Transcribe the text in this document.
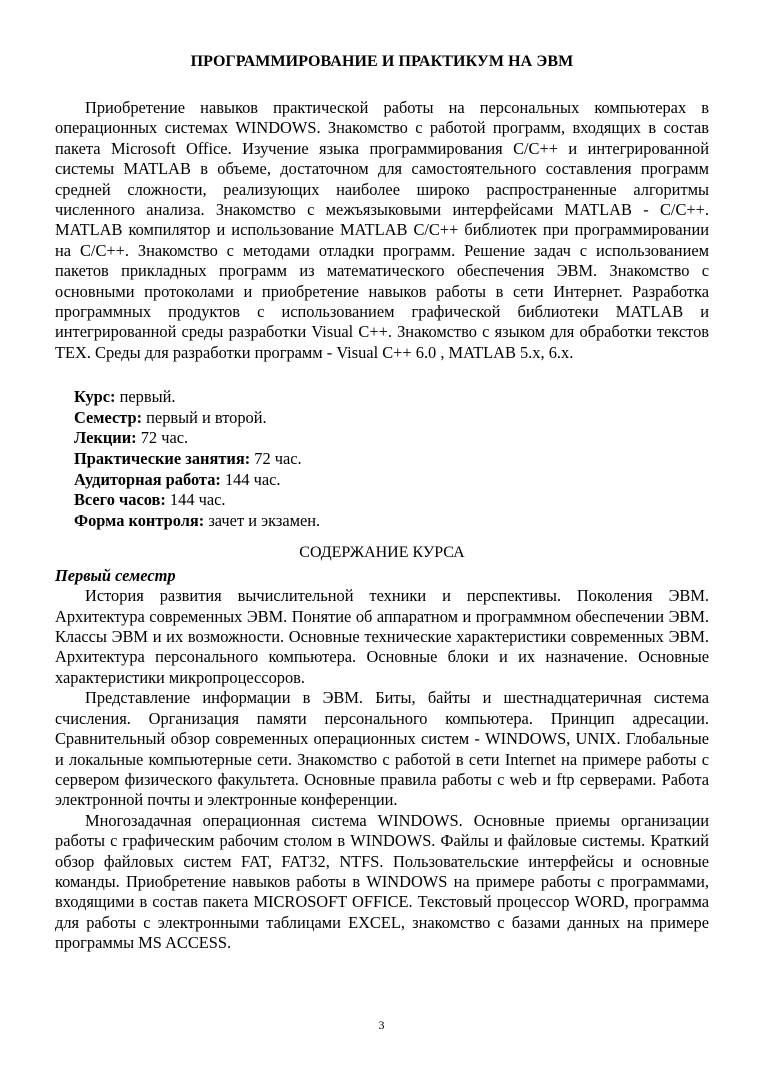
ПРОГРАММИРОВАНИЕ И ПРАКТИКУМ НА ЭВМ

Приобретение навыков практической работы на персональных компьютерах в операционных системах WINDOWS. Знакомство с работой программ, входящих в состав пакета Microsoft Office. Изучение языка программирования C/C++ и интегрированной системы MATLAB в объеме, достаточном для самостоятельного составления программ средней сложности, реализующих наиболее широко распространенные алгоритмы численного анализа. Знакомство с межъязыковыми интерфейсами MATLAB - C/C++. MATLAB компилятор и использование MATLAB C/C++ библиотек при программировании на C/C++. Знакомство с методами отладки программ. Решение задач с использованием пакетов прикладных программ из математического обеспечения ЭВМ. Знакомство с основными протоколами и приобретение навыков работы в сети Интернет. Разработка программных продуктов с использованием графической библиотеки MATLAB и интегрированной среды разработки Visual C++. Знакомство с языком для обработки текстов TEX. Среды для разработки программ - Visual C++ 6.0 , MATLAB 5.x, 6.x.

Курс: первый.
Семестр: первый и второй.
Лекции: 72 час.
Практические занятия: 72 час.
Аудиторная работа: 144 час.
Всего часов: 144 час.
Форма контроля: зачет и экзамен.
СОДЕРЖАНИЕ КУРСА
Первый семестр

История развития вычислительной техники и перспективы. Поколения ЭВМ. Архитектура современных ЭВМ. Понятие об аппаратном и программном обеспечении ЭВМ. Классы ЭВМ и их возможности. Основные технические характеристики современных ЭВМ. Архитектура персонального компьютера. Основные блоки и их назначение. Основные характеристики микропроцессоров.

Представление информации в ЭВМ. Биты, байты и шестнадцатеричная система счисления. Организация памяти персонального компьютера. Принцип адресации. Сравнительный обзор современных операционных систем - WINDOWS, UNIX. Глобальные и локальные компьютерные сети. Знакомство с работой в сети Internet на примере работы с сервером физического факультета. Основные правила работы с web и ftp серверами. Работа электронной почты и электронные конференции.

Многозадачная операционная система WINDOWS. Основные приемы организации работы с графическим рабочим столом в WINDOWS. Файлы и файловые системы. Краткий обзор файловых систем FAT, FAT32, NTFS. Пользовательские интерфейсы и основные команды. Приобретение навыков работы в WINDOWS на примере работы с программами, входящими в состав пакета MICROSOFT OFFICE. Текстовый процессор WORD, программа для работы с электронными таблицами EXCEL, знакомство с базами данных на примере программы MS ACCESS.

3
